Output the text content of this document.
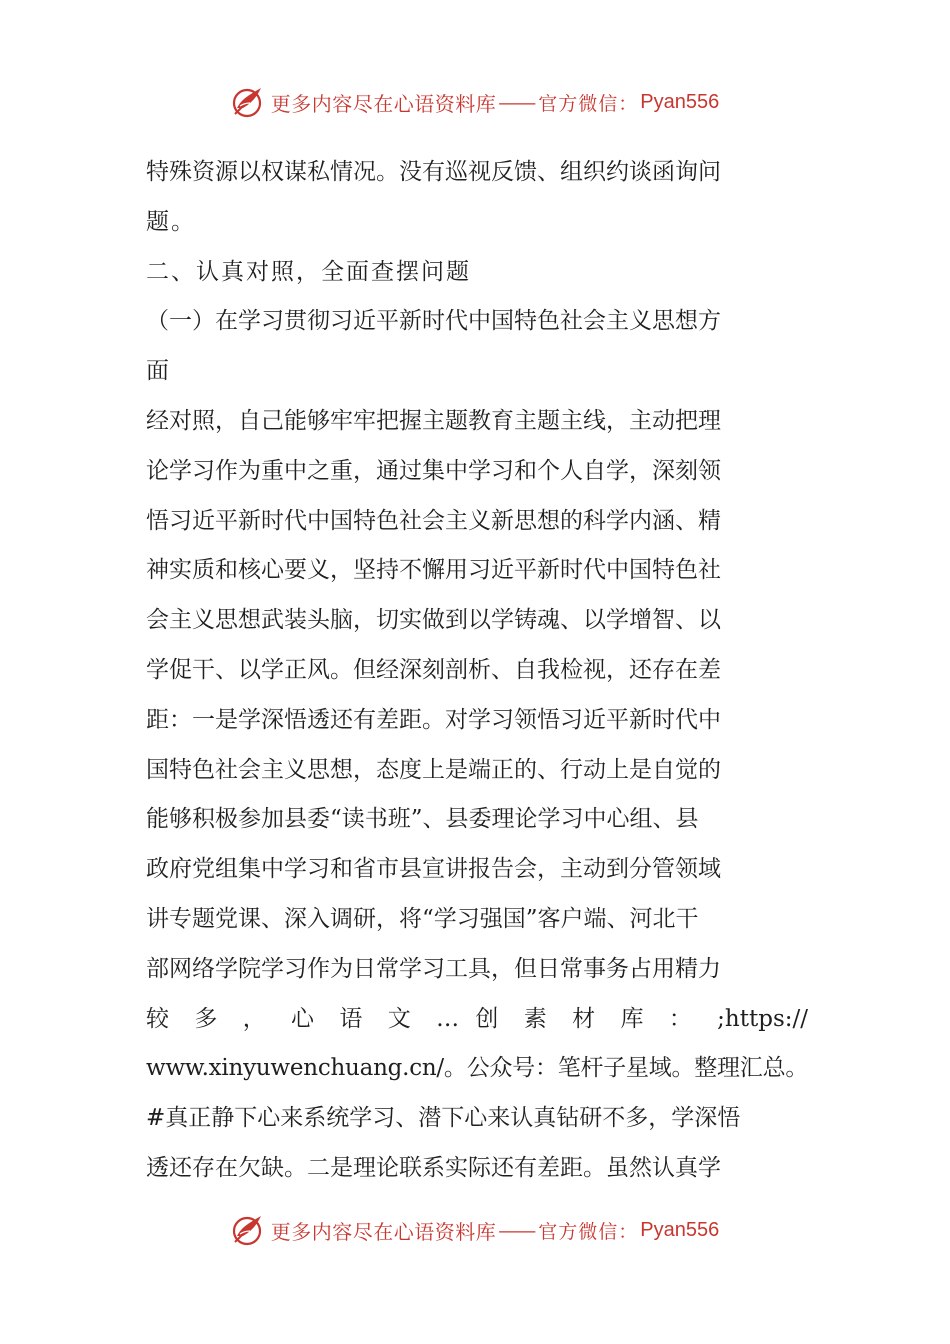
更多内容尽在心语资料库 —— 官方微信： Pyan556
特殊资源以权谋私情况。没有巡视反馈、组织约谈函询问
题。
二、认真对照，全面查摆问题
（一）在学习贯彻习近平新时代中国特色社会主义思想方
面
经对照，自己能够牢牢把握主题教育主题主线，主动把理
论学习作为重中之重，通过集中学习和个人自学，深刻领
悟习近平新时代中国特色社会主义新思想的科学内涵、精
神实质和核心要义，坚持不懈用习近平新时代中国特色社
会主义思想武装头脑，切实做到以学铸魂、以学增智、以
学促干、以学正风。但经深刻剖析、自我检视，还存在差
距：一是学深悟透还有差距。对学习领悟习近平新时代中
国特色社会主义思想，态度上是端正的、行动上是自觉的
能够积极参加县委“读书班”、县委理论学习中心组、县
政府党组集中学习和省市县宣讲报告会，主动到分管领域
讲专题党课、深入调研，将“学习强国”客户端、河北干
部网络学院学习作为日常学习工具，但日常事务占用精力
较 多 ， 心 语 文 … 创 素 材 库 ： ;https://
www.xinyuwenchuang.cn/。公众号：笔杆子星域。整理汇总。
#真正静下心来系统学习、潜下心来认真钻研不多，学深悟
透还存在欠缺。二是理论联系实际还有差距。虽然认真学
更多内容尽在心语资料库 —— 官方微信： Pyan556
